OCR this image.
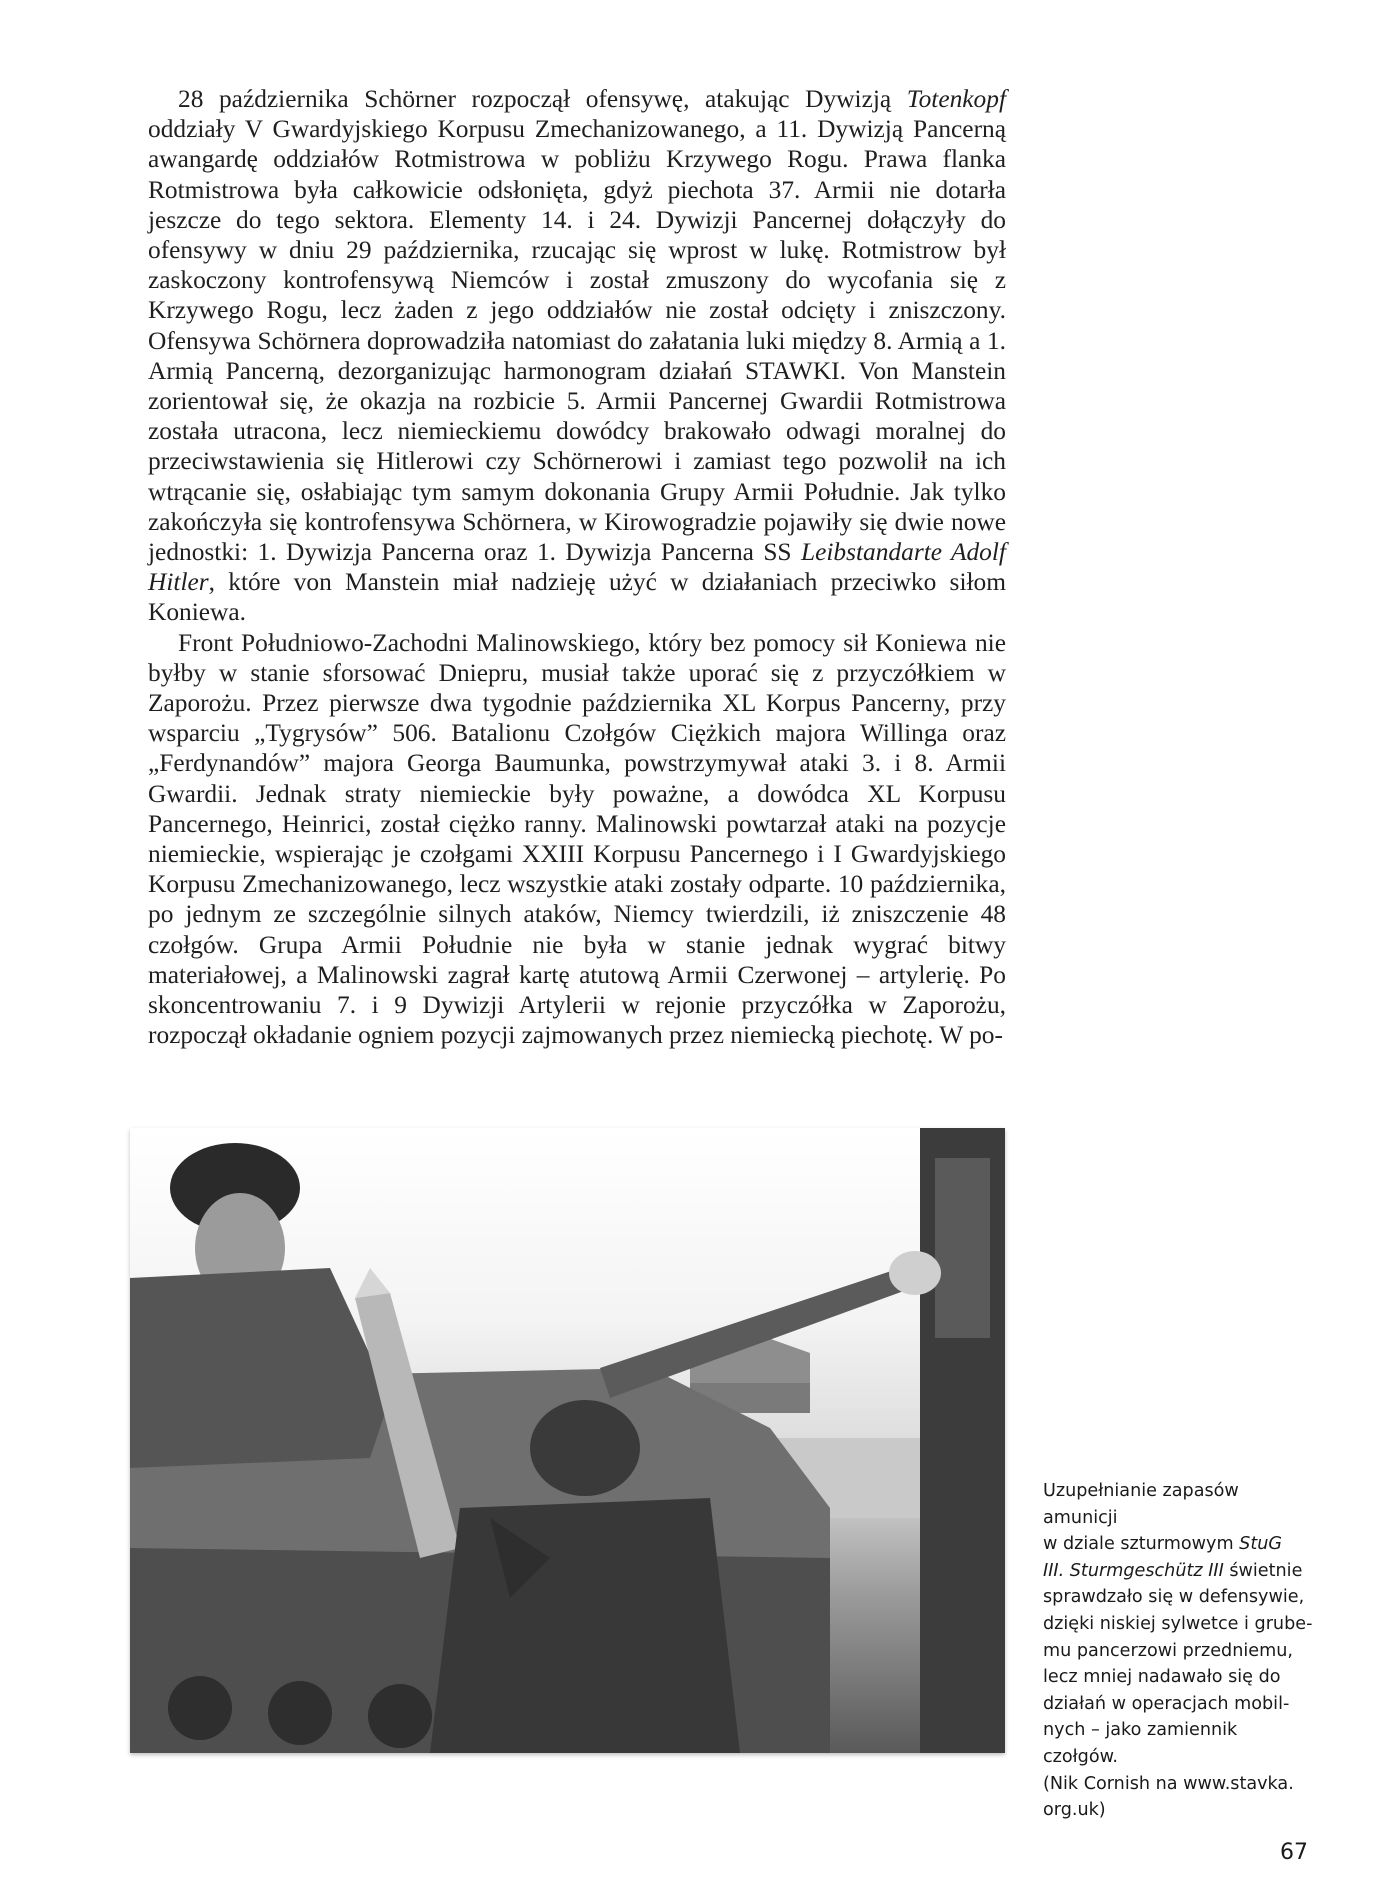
28 października Schörner rozpoczął ofensywę, atakując Dywizją Totenkopf oddziały V Gwardyjskiego Korpusu Zmechanizowanego, a 11. Dywizją Pancerną awangardę oddziałów Rotmistrowa w pobliżu Krzywego Rogu. Prawa flanka Rotmistrowa była całkowicie odsłonięta, gdyż piechota 37. Armii nie dotarła jeszcze do tego sektora. Elementy 14. i 24. Dywizji Pancernej dołączyły do ofensywy w dniu 29 października, rzucając się wprost w lukę. Rotmistrow był zaskoczony kontrofensywą Niemców i został zmuszony do wycofania się z Krzywego Rogu, lecz żaden z jego oddziałów nie został odcięty i zniszczony. Ofensywa Schörnera doprowadziła natomiast do załatania luki między 8. Armią a 1. Armią Pancerną, dezorganizując harmonogram działań STAWKI. Von Manstein zorientował się, że okazja na rozbicie 5. Armii Pancernej Gwardii Rotmistrowa została utracona, lecz niemieckiemu dowódcy brakowało odwagi moralnej do przeciwstawienia się Hitlerowi czy Schörnerowi i zamiast tego pozwolił na ich wtrącanie się, osłabiając tym samym dokonania Grupy Armii Południe. Jak tylko zakończyła się kontrofensywa Schörnera, w Kirowogradzie pojawiły się dwie nowe jednostki: 1. Dywizja Pancerna oraz 1. Dywizja Pancerna SS Leibstandarte Adolf Hitler, które von Manstein miał nadzieję użyć w działaniach przeciwko siłom Koniewa.

Front Południowo-Zachodni Malinowskiego, który bez pomocy sił Koniewa nie byłby w stanie sforsować Dniepru, musiał także uporać się z przyczółkiem w Zaporożu. Przez pierwsze dwa tygodnie października XL Korpus Pancerny, przy wsparciu „Tygrysów” 506. Batalionu Czołgów Ciężkich majora Willinga oraz „Ferdynandów” majora Georga Baumunka, powstrzymywał ataki 3. i 8. Armii Gwardii. Jednak straty niemieckie były poważne, a dowódca XL Korpusu Pancernego, Heinrici, został ciężko ranny. Malinowski powtarzał ataki na pozycje niemieckie, wspierając je czołgami XXIII Korpusu Pancernego i I Gwardyjskiego Korpusu Zmechanizowanego, lecz wszystkie ataki zostały odparte. 10 października, po jednym ze szczególnie silnych ataków, Niemcy twierdzili, iż zniszczenie 48 czołgów. Grupa Armii Południe nie była w stanie jednak wygrać bitwy materiałowej, a Malinowski zagrał kartę atutową Armii Czerwonej – artylerię. Po skoncentrowaniu 7. i 9 Dywizji Artylerii w rejonie przyczółka w Zaporożu, rozpoczął okładanie ogniem pozycji zajmowanych przez niemiecką piechotę. W po-

Uzupełnianie zapasów amunicji
w dziale szturmowym StuG
III. Sturmgeschütz III świetnie
sprawdzało się w defensywie,
dzięki niskiej sylwetce i grube-
mu pancerzowi przedniemu,
lecz mniej nadawało się do
działań w operacjach mobil-
nych – jako zamiennik czołgów.
(Nik Cornish na www.stavka.
org.uk)
67
